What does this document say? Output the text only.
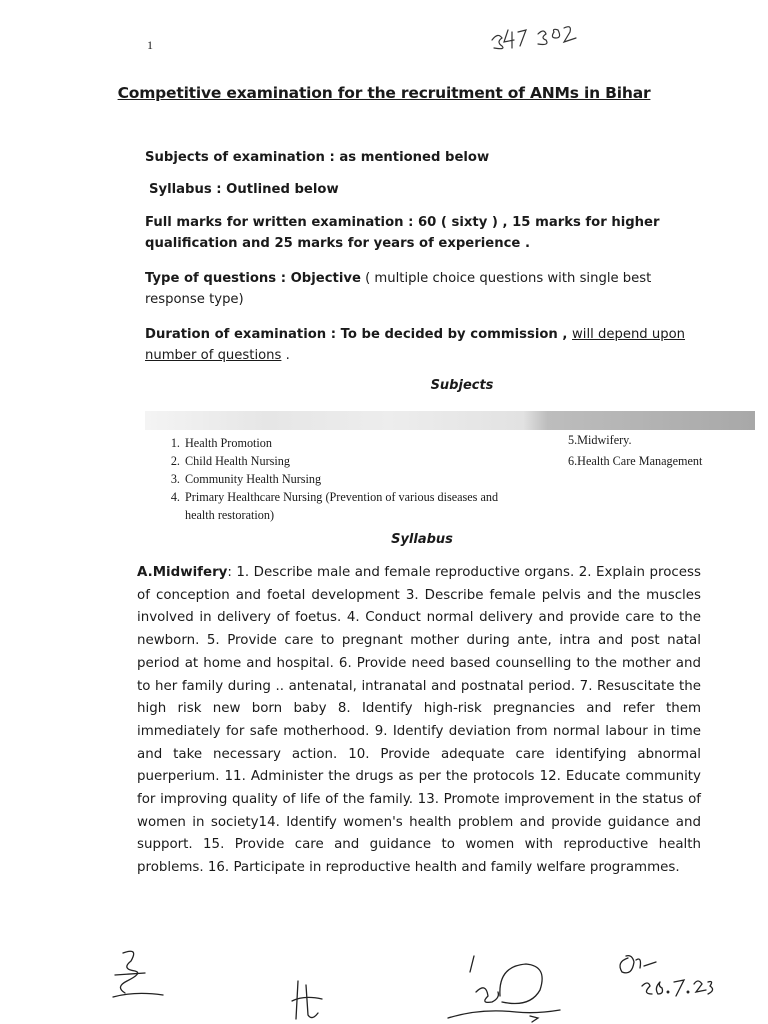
1
Competitive examination for the recruitment of ANMs in Bihar
Subjects of examination : as mentioned below
Syllabus : Outlined below
Full marks for written examination : 60 ( sixty ) , 15 marks for higher
qualification and 25 marks for years of experience .
Type of questions : Objective ( multiple choice questions with single best
response type)
Duration of examination : To be decided by commission , will depend upon
number of questions .
Subjects
1. Health Promotion
2. Child Health Nursing
3. Community Health Nursing
4. Primary Healthcare Nursing (Prevention of various diseases and health restoration)
5.Midwifery.
6.Health Care Management
Syllabus
A.Midwifery: 1. Describe male and female reproductive organs. 2. Explain process of conception and foetal development 3. Describe female pelvis and the muscles involved in delivery of foetus. 4. Conduct normal delivery and provide care to the newborn. 5. Provide care to pregnant mother during ante, intra and post natal period at home and hospital. 6. Provide need based counselling to the mother and to her family during .. antenatal, intranatal and postnatal period. 7. Resuscitate the high risk new born baby 8. Identify high-risk pregnancies and refer them immediately for safe motherhood. 9. Identify deviation from normal labour in time and take necessary action. 10. Provide adequate care identifying abnormal puerperium. 11. Administer the drugs as per the protocols 12. Educate community for improving quality of life of the family. 13. Promote improvement in the status of women in society14. Identify women's health problem and provide guidance and support. 15. Provide care and guidance to women with reproductive health problems. 16. Participate in reproductive health and family welfare programmes.
